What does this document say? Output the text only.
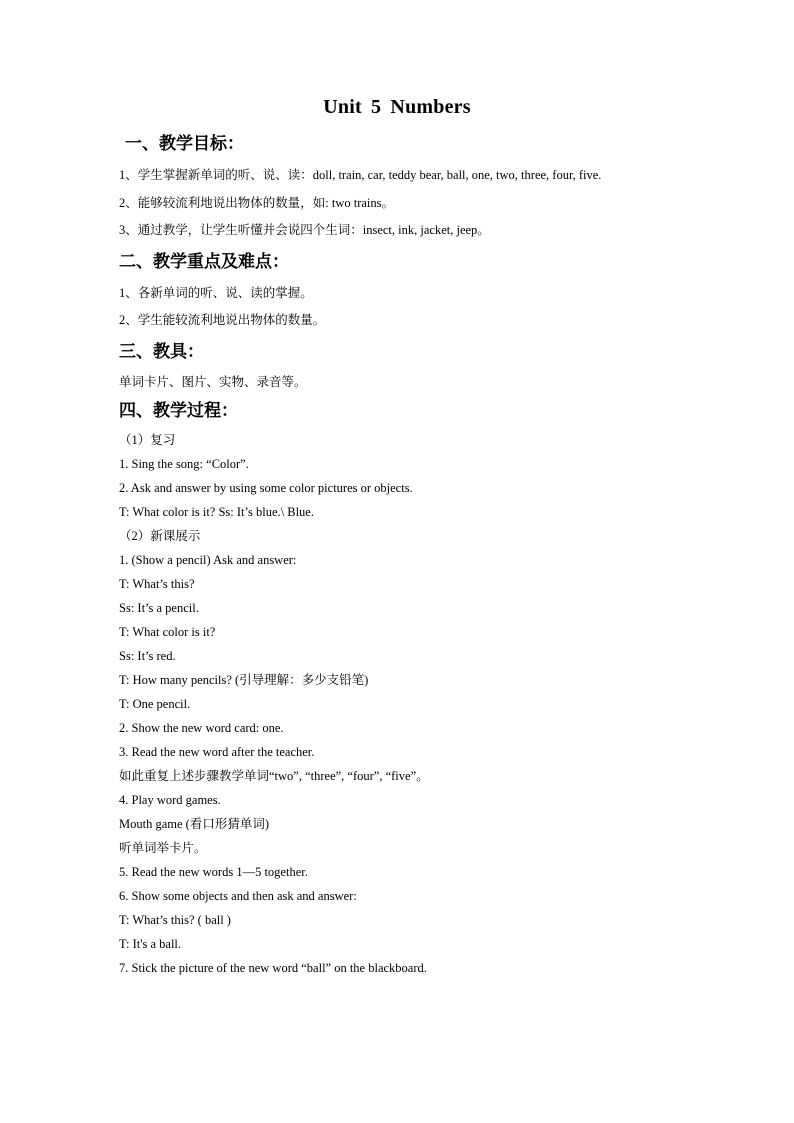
Unit 5 Numbers
一、教学目标：
1、学生掌握新单词的听、说、读：doll, train, car, teddy bear, ball, one, two, three, four, five.
2、能够较流利地说出物体的数量，如: two trains。
3、通过教学，让学生听懂并会说四个生词：insect, ink, jacket, jeep。
二、教学重点及难点：
1、各新单词的听、说、读的掌握。
2、学生能较流利地说出物体的数量。
三、教具：
单词卡片、图片、实物、录音等。
四、教学过程：
（1）复习
1. Sing the song: “Color”.
2. Ask and answer by using some color pictures or objects.
T: What color is it? Ss: It’s blue.\ Blue.
（2）新课展示
1. (Show a pencil) Ask and answer:
T: What’s this?
Ss: It’s a pencil.
T: What color is it?
Ss: It’s red.
T: How many pencils? (引导理解：多少支铅笔)
T: One pencil.
2. Show the new word card: one.
3. Read the new word after the teacher.
如此重复上述步骤教学单词“two”, “three”, “four”, “five”。
4. Play word games.
Mouth game (看口形猜单词)
听单词举卡片。
5. Read the new words 1—5 together.
6. Show some objects and then ask and answer:
T: What’s this? ( ball )
T: It's a ball.
7. Stick the picture of the new word “ball” on the blackboard.
